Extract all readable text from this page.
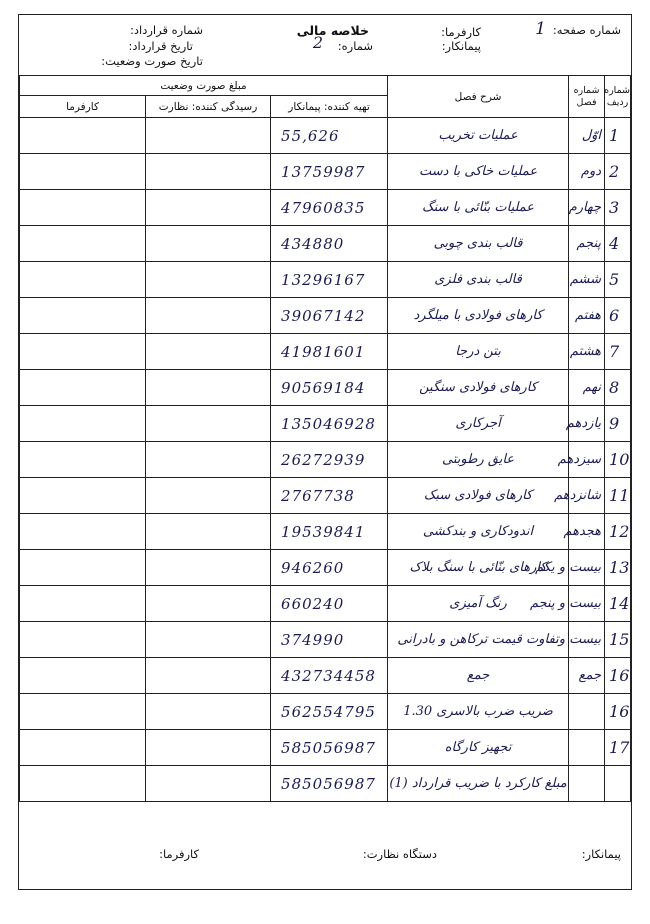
شماره صفحه:
1
کارفرما:
پیمانکار:
خلاصه مالی
شماره:
2
شماره قرارداد:
تاریخ قرارداد:
تاریخ صورت وضعیت:
شماره ردیف	شماره فصل	شرح فصل	مبلغ صورت وضعیت		
			تهیه کننده: پیمانکار	رسیدگی کننده: نظارت	کارفرما
1	اوّل	عملیات تخریب	55,626		
2	دوم	عملیات خاکی با دست	13759987		
3	چهارم	عملیات بنّائی با سنگ	47960835		
4	پنجم	قالب بندی چوبی	434880		
5	ششم	قالب بندی فلزی	13296167		
6	هفتم	کارهای فولادی با میلگرد	39067142		
7	هشتم	بتن درجا	41981601		
8	نهم	کارهای فولادی سنگین	90569184		
9	یازدهم	آجرکاری	135046928		
10	سیزدهم	عایق رطوبتی	26272939		
11	شانزدهم	کارهای فولادی سبک	2767738		
12	هجدهم	اندودکاری و بندکشی	19539841		
13	بیست و یکم	کارهای بنّائی با سنگ بلاک	946260		
14	بیست و پنجم	رنگ آمیزی	660240		
15	بیست و...	تفاوت قیمت ترکاهن و بادرانی	374990		
16	جمع	جمع	432734458		
16		ضریب ضرب بالاسری 1.30	562554795		
17		تجهیز کارگاه	585056987		
		مبلغ کارکرد با ضریب قرارداد (1)	585056987		
پیمانکار:
دستگاه نظارت:
کارفرما:
